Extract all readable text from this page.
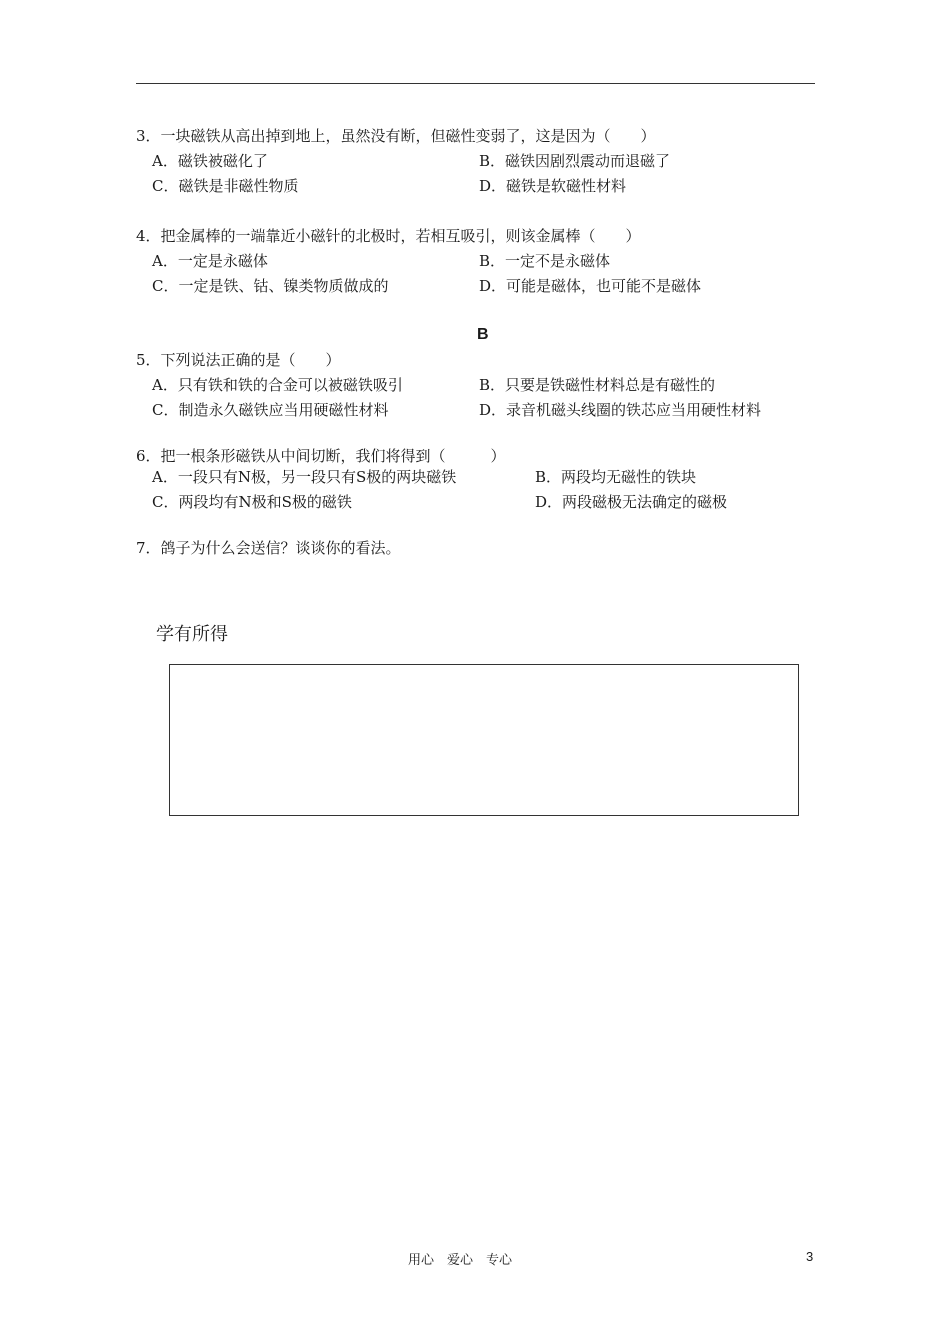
3．一块磁铁从高出掉到地上，虽然没有断，但磁性变弱了，这是因为（　　）
A．磁铁被磁化了	B．磁铁因剧烈震动而退磁了
C．磁铁是非磁性物质	D．磁铁是软磁性材料
4．把金属棒的一端靠近小磁针的北极时，若相互吸引，则该金属棒（　　）
A．一定是永磁体	B．一定不是永磁体
C．一定是铁、钴、镍类物质做成的	D．可能是磁体，也可能不是磁体
B
5．下列说法正确的是（　　）
A．只有铁和铁的合金可以被磁铁吸引	B．只要是铁磁性材料总是有磁性的
C．制造永久磁铁应当用硬磁性材料	D．录音机磁头线圈的铁芯应当用硬性材料
6．把一根条形磁铁从中间切断，我们将得到（　　　）
A．一段只有N极，另一段只有S极的两块磁铁	B．两段均无磁性的铁块
C．两段均有N极和S极的磁铁	D．两段磁极无法确定的磁极
7．鸽子为什么会送信？谈谈你的看法。
学有所得
用心　爱心　专心	3
